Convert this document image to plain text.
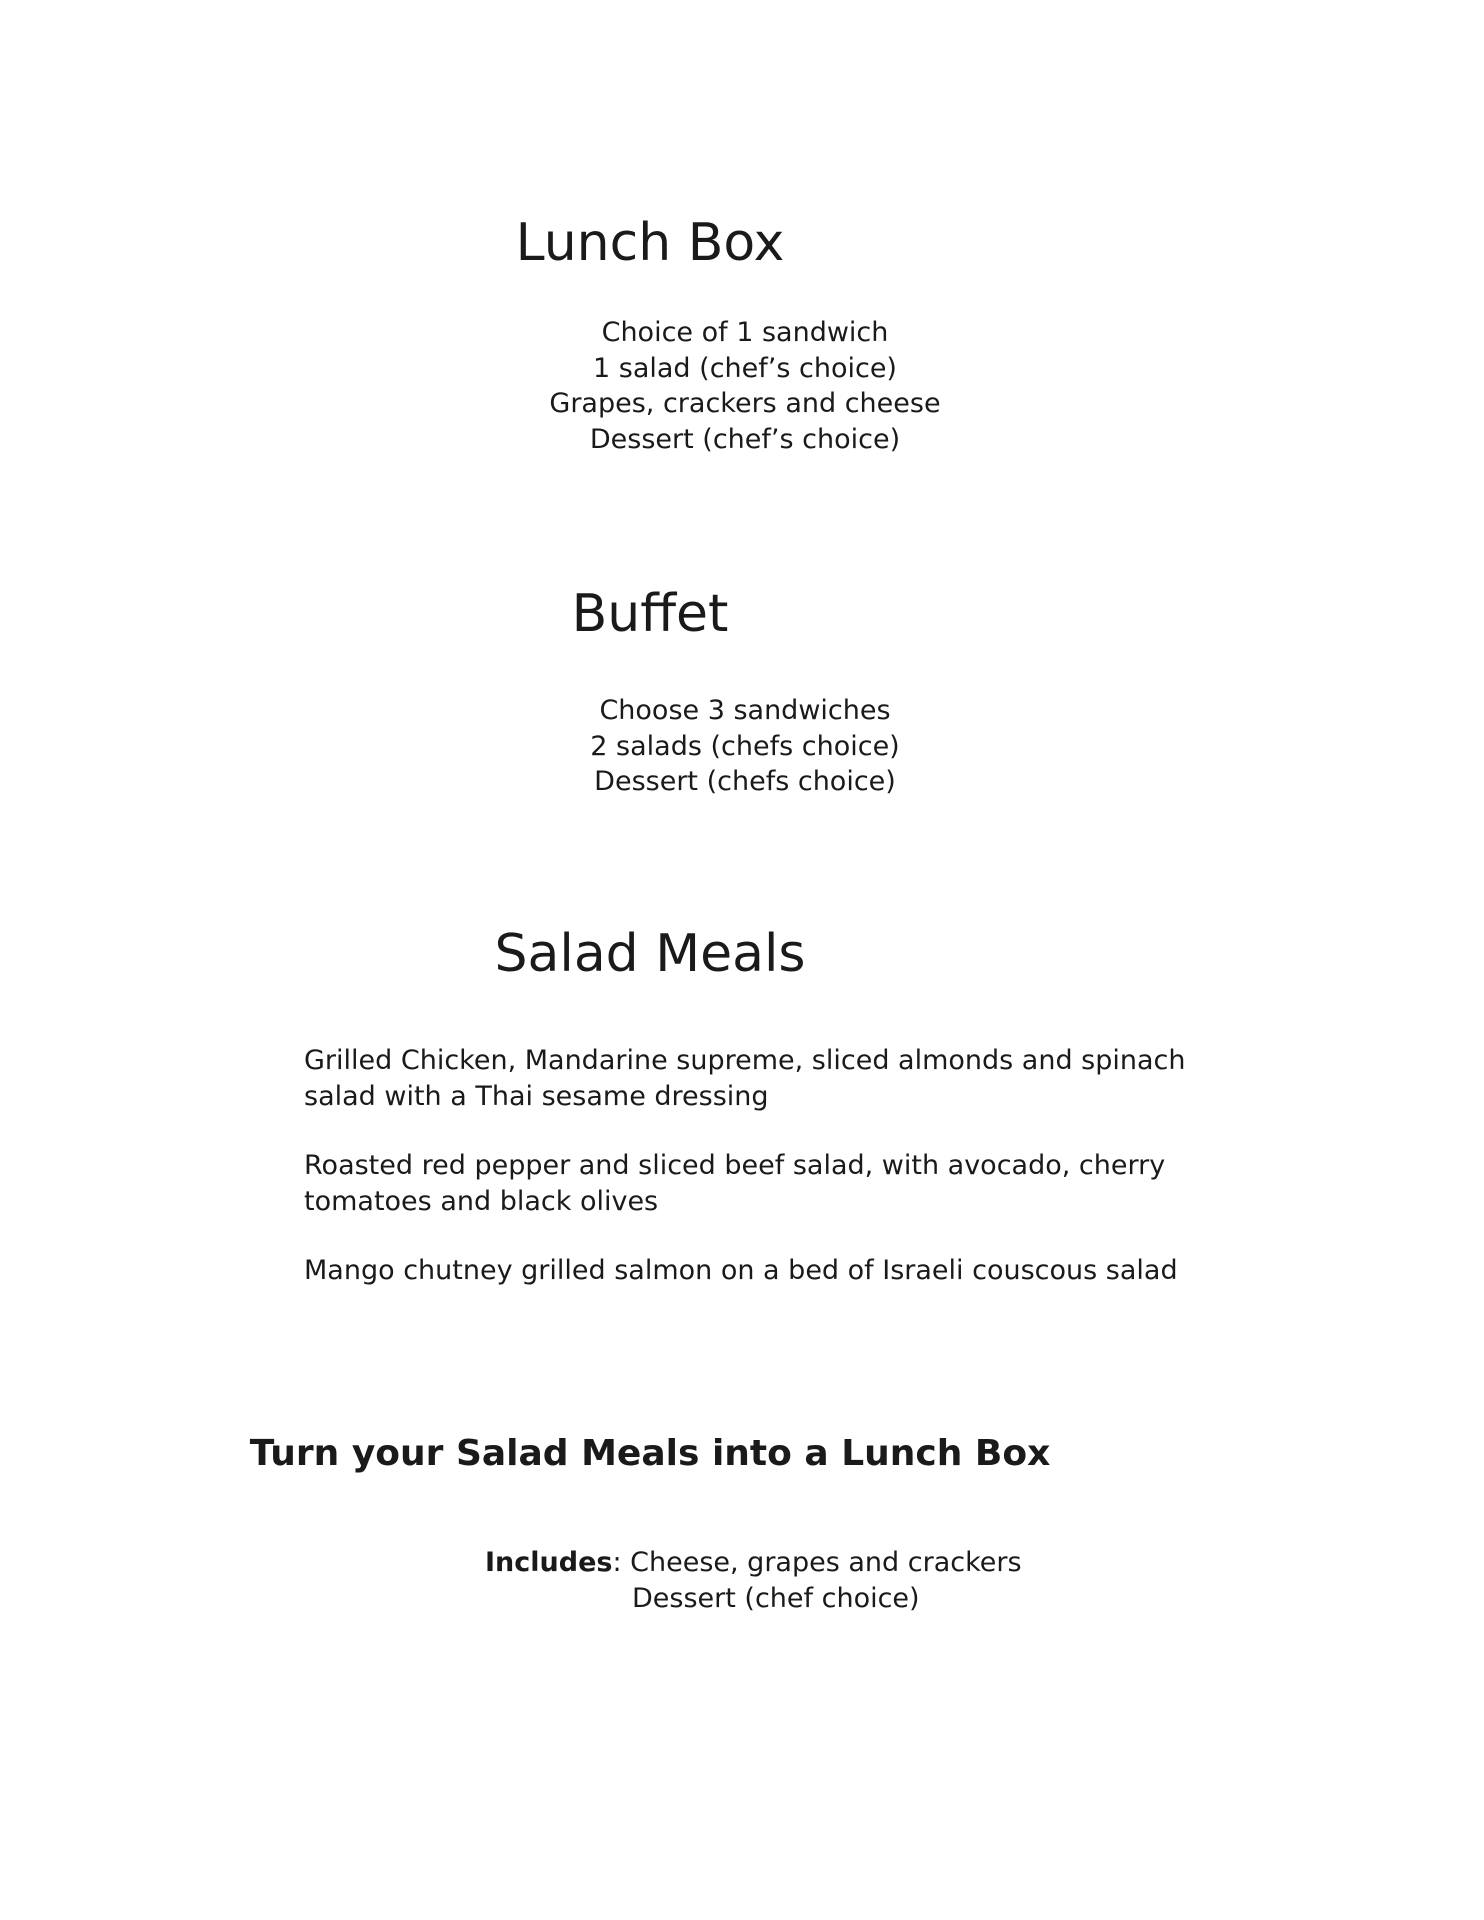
Lunch Box
Choice of 1 sandwich
1 salad (chef’s choice)
Grapes, crackers and cheese
Dessert (chef’s choice)
Buffet
Choose 3 sandwiches
2 salads (chefs choice)
Dessert (chefs choice)
Salad Meals
Grilled Chicken, Mandarine supreme, sliced almonds and spinach salad with a Thai sesame dressing
Roasted red pepper and sliced beef salad, with avocado, cherry tomatoes and black olives
Mango chutney grilled salmon on a bed of Israeli couscous salad
Turn your Salad Meals into a Lunch Box
Includes: Cheese, grapes and crackers
Dessert (chef choice)
